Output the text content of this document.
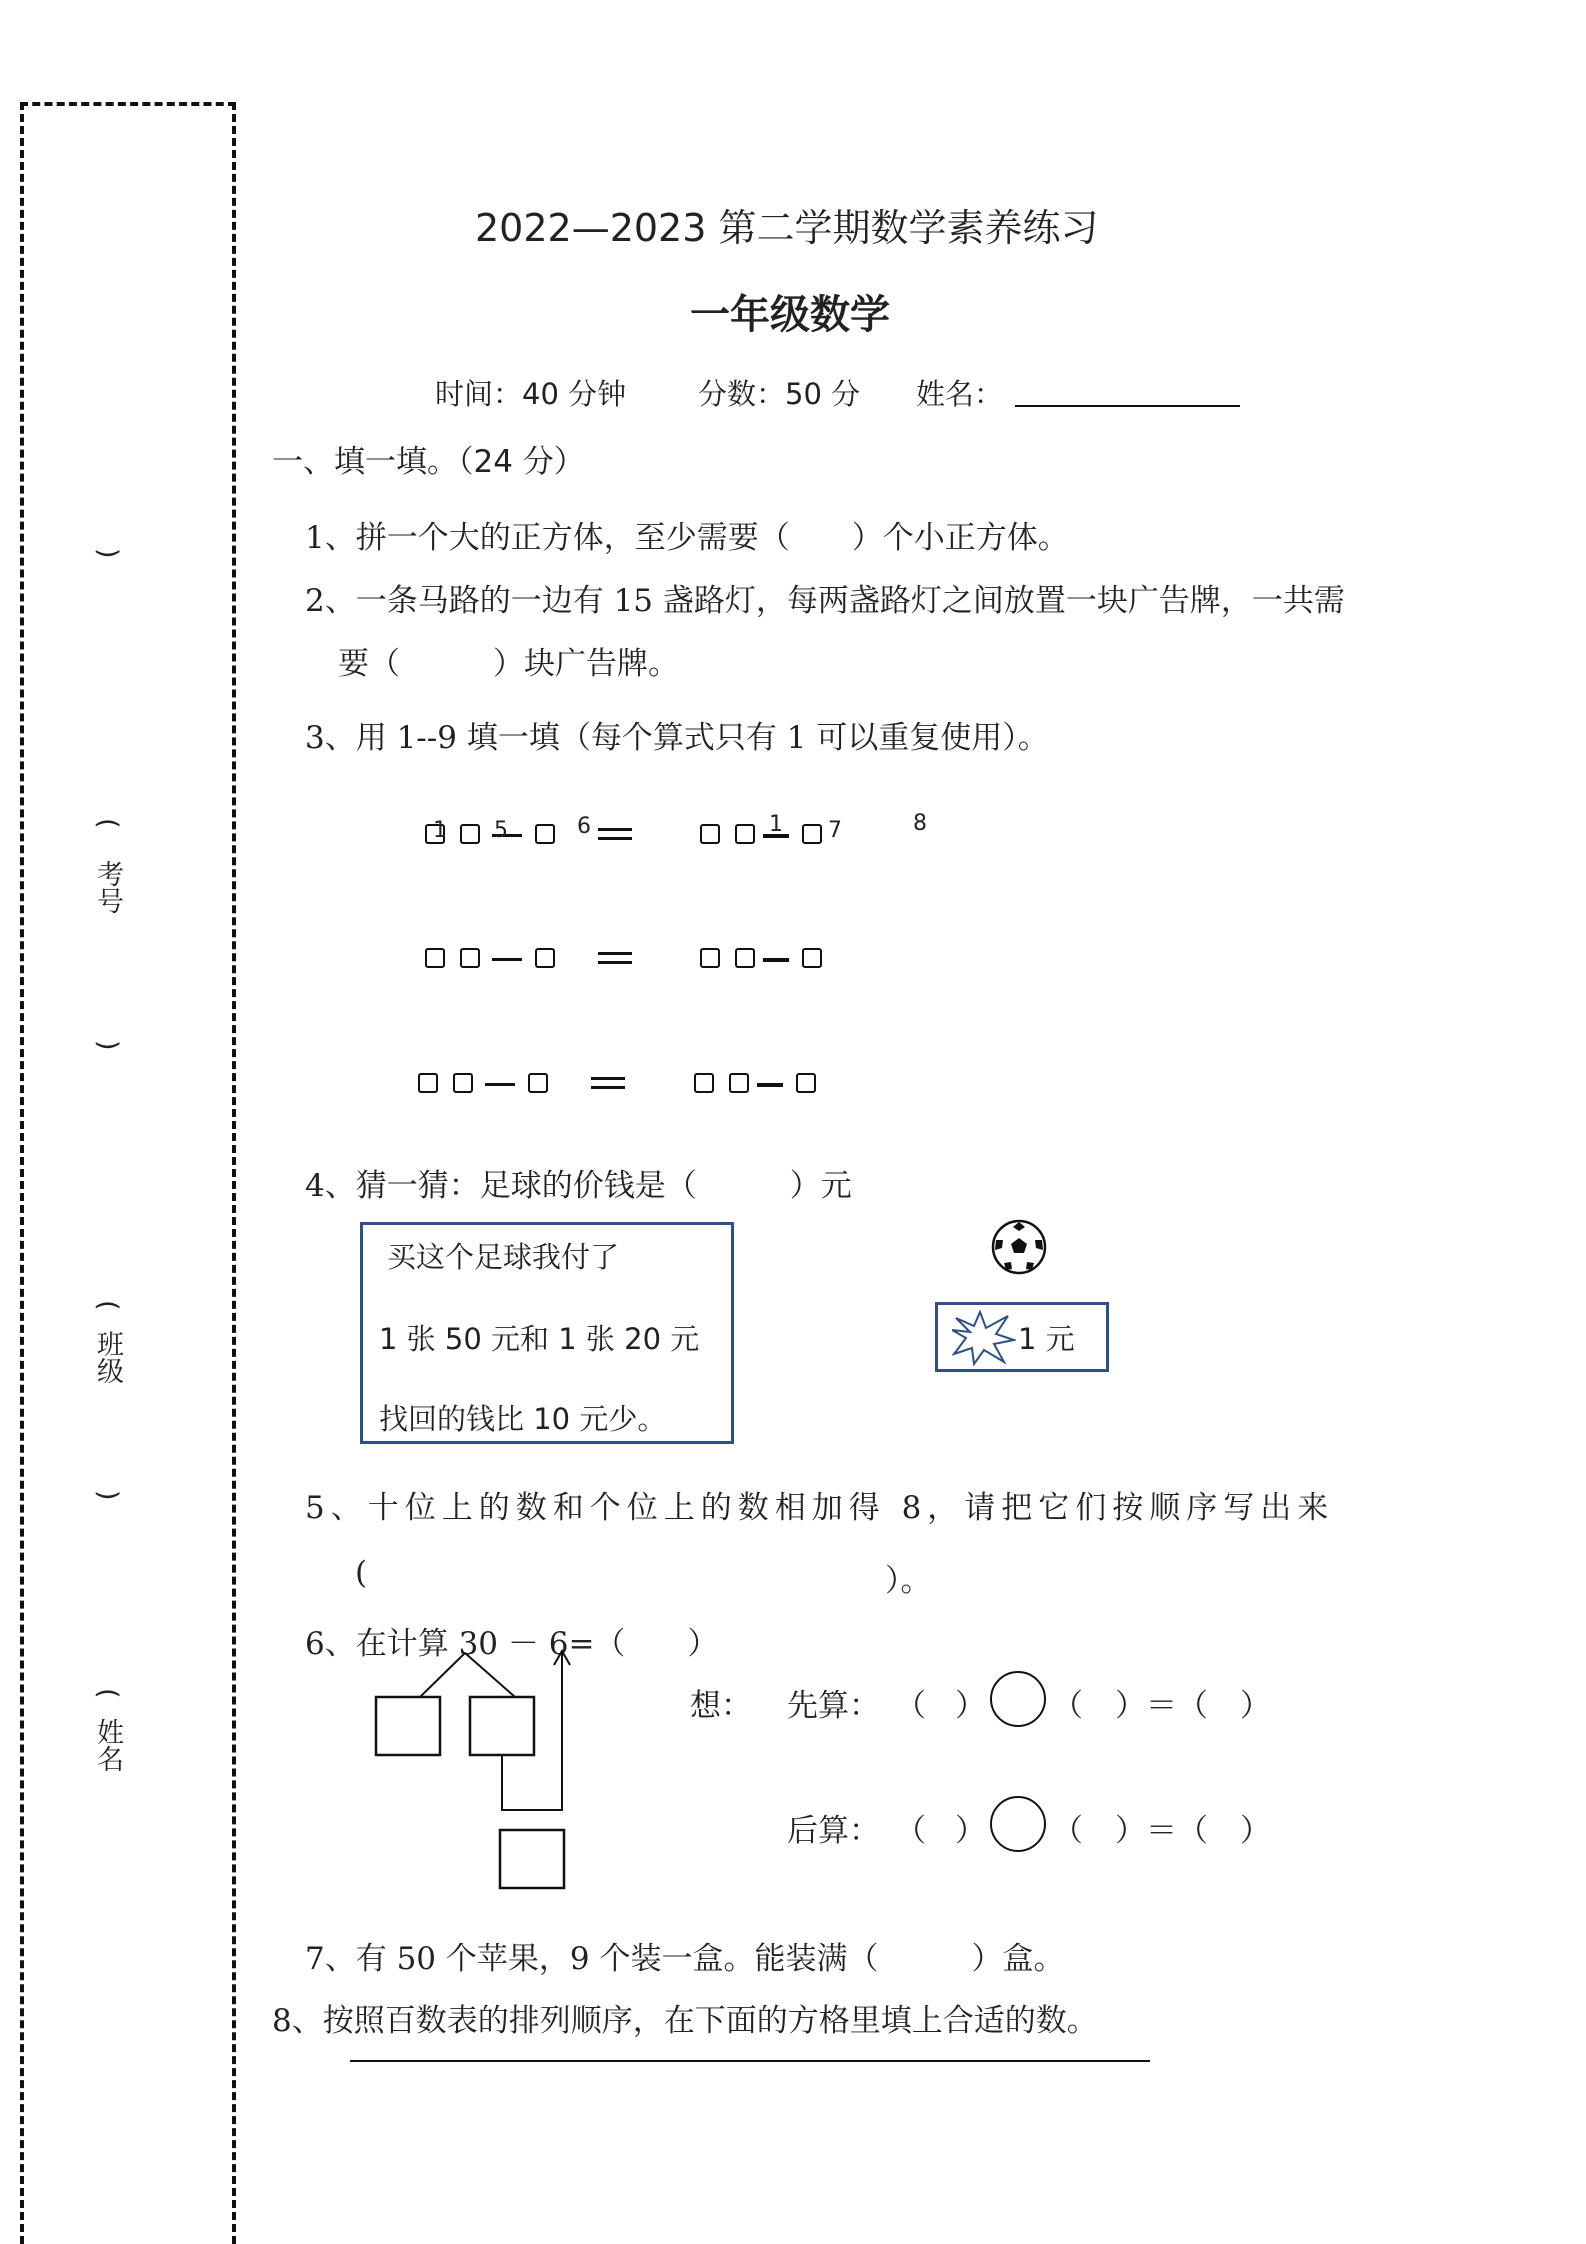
)
(
考号
)
(
班级
)
(
姓名
2022—2023 第二学期数学素养练习
一年级数学
时间：40 分钟 分数：50 分 姓名：
一、填一填。（24 分）
1、拼一个大的正方体，至少需要（　　）个小正方体。
2、一条马路的一边有 15 盏路灯，每两盏路灯之间放置一块广告牌，一共需
要（　　　）块广告牌。
3、用 1--9 填一填（每个算式只有 1 可以重复使用）。
1 5	6	1 7	8
4、猜一猜：足球的价钱是（　　　）元
买这个足球我付了
1 张 50 元和 1 张 20 元
找回的钱比 10 元少。
1 元
5、十位上的数和个位上的数相加得 8，请把它们按顺序写出来
(	）。
6、在计算 30 － 6=（　　）
想： 先算： （ ） （ ）＝（ ）
后算： （ ） （ ）＝（ ）
7、有 50 个苹果，9 个装一盒。能装满（　　　）盒。
8、按照百数表的排列顺序，在下面的方格里填上合适的数。
